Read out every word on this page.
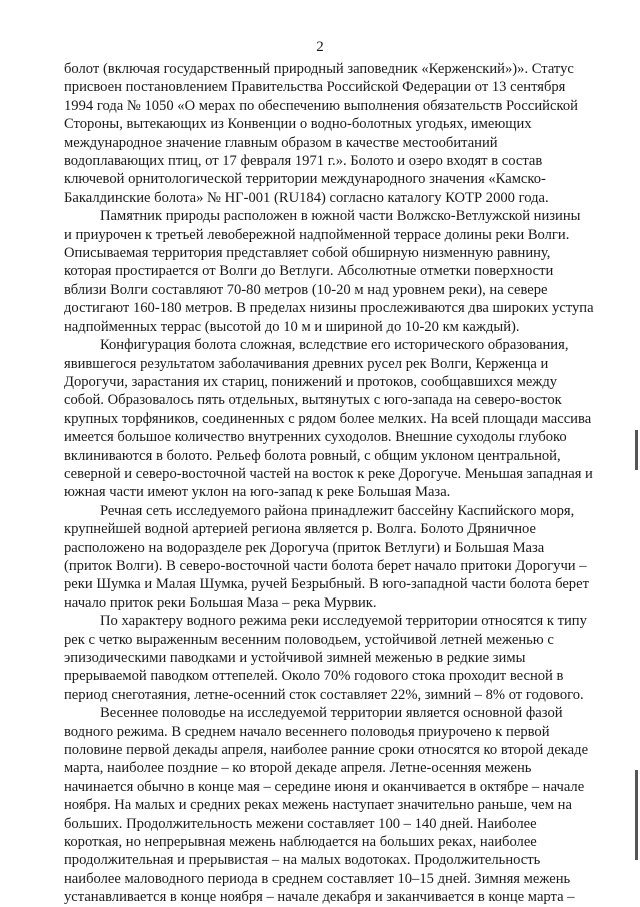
2

болот (включая государственный природный заповедник «Керженский»)». Статус
присвоен постановлением Правительства Российской Федерации от 13 сентября
1994 года № 1050 «О мерах по обеспечению выполнения обязательств Российской
Стороны, вытекающих из Конвенции о водно-болотных угодьях, имеющих
международное значение главным образом в качестве местообитаний
водоплавающих птиц, от 17 февраля 1971 г.». Болото и озеро входят в состав
ключевой орнитологической территории международного значения «Камско-
Бакалдинские болота» № НГ-001 (RU184) согласно каталогу КОТР 2000 года.

Памятник природы расположен в южной части Волжско-Ветлужской низины
и приурочен к третьей левобережной надпойменной террасе долины реки Волги.
Описываемая территория представляет собой обширную низменную равнину,
которая простирается от Волги до Ветлуги. Абсолютные отметки поверхности
вблизи Волги составляют 70-80 метров (10-20 м над уровнем реки), на севере
достигают 160-180 метров. В пределах низины прослеживаются два широких уступа
надпойменных террас (высотой до 10 м и шириной до 10-20 км каждый).

Конфигурация болота сложная, вследствие его исторического образования,
явившегося результатом заболачивания древних русел рек Волги, Керженца и
Дорогучи, зарастания их стариц, понижений и протоков, сообщавшихся между
собой. Образовалось пять отдельных, вытянутых с юго-запада на северо-восток
крупных торфяников, соединенных с рядом более мелких. На всей площади массива
имеется большое количество внутренних суходолов. Внешние суходолы глубоко
вклиниваются в болото. Рельеф болота ровный, с общим уклоном центральной,
северной и северо-восточной частей на восток к реке Дорогуче. Меньшая западная и
южная части имеют уклон на юго-запад к реке Большая Маза.

Речная сеть исследуемого района принадлежит бассейну Каспийского моря,
крупнейшей водной артерией региона является р. Волга. Болото Дряничное
расположено на водоразделе рек Дорогуча (приток Ветлуги) и Большая Маза
(приток Волги). В северо-восточной части болота берет начало притоки Дорогучи –
реки Шумка и Малая Шумка, ручей Безрыбный. В юго-западной части болота берет
начало приток реки Большая Маза – река Мурвик.

По характеру водного режима реки исследуемой территории относятся к типу
рек с четко выраженным весенним половодьем, устойчивой летней меженью с
эпизодическими паводками и устойчивой зимней меженью в редкие зимы
прерываемой паводком оттепелей. Около 70% годового стока проходит весной в
период снеготаяния, летне-осенний сток составляет 22%, зимний – 8% от годового.

Весеннее половодье на исследуемой территории является основной фазой
водного режима. В среднем начало весеннего половодья приурочено к первой
половине первой декады апреля, наиболее ранние сроки относятся ко второй декаде
марта, наиболее поздние – ко второй декаде апреля. Летне-осенняя межень
начинается обычно в конце мая – середине июня и оканчивается в октябре – начале
ноября. На малых и средних реках межень наступает значительно раньше, чем на
больших. Продолжительность межени составляет 100 – 140 дней. Наиболее
короткая, но непрерывная межень наблюдается на больших реках, наиболее
продолжительная и прерывистая – на малых водотоках. Продолжительность
наиболее маловодного периода в среднем составляет 10–15 дней. Зимняя межень
устанавливается в конце ноября – начале декабря и заканчивается в конце марта –
